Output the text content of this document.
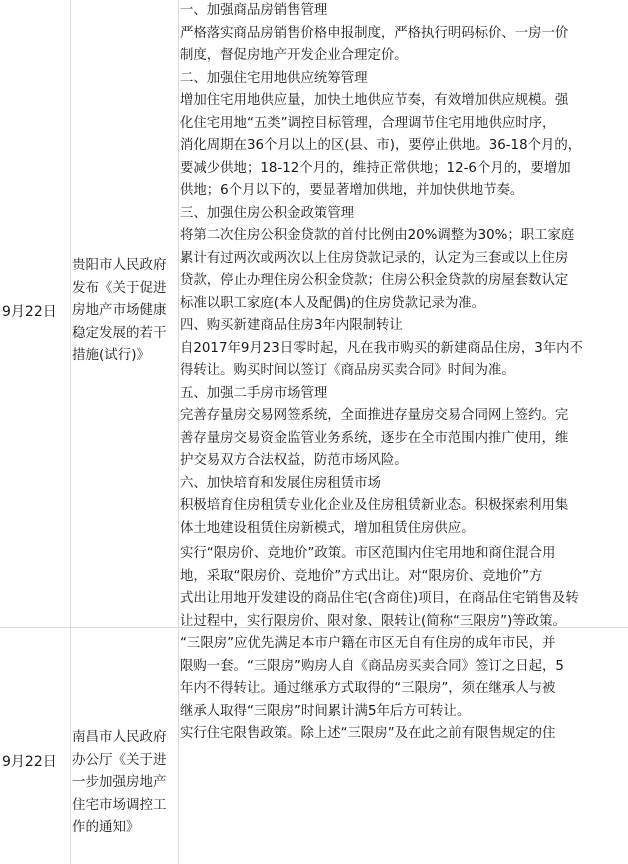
9月22日
贵阳市人民政府
发布《关于促进
房地产市场健康
稳定发展的若干
措施(试行)》
9月22日
南昌市人民政府
办公厅《关于进
一步加强房地产
住宅市场调控工
作的通知》
一、加强商品房销售管理
严格落实商品房销售价格申报制度，严格执行明码标价、一房一价
制度，督促房地产开发企业合理定价。
二、加强住宅用地供应统筹管理
增加住宅用地供应量，加快土地供应节奏，有效增加供应规模。强
化住宅用地“五类”调控目标管理，合理调节住宅用地供应时序，
消化周期在36个月以上的区(县、市)，要停止供地。36-18个月的，
要减少供地；18-12个月的，维持正常供地；12-6个月的，要增加
供地；6个月以下的，要显著增加供地，并加快供地节奏。
三、加强住房公积金政策管理
将第二次住房公积金贷款的首付比例由20%调整为30%；职工家庭
累计有过两次或两次以上住房贷款记录的，认定为三套或以上住房
贷款，停止办理住房公积金贷款；住房公积金贷款的房屋套数认定
标准以职工家庭(本人及配偶)的住房贷款记录为准。
四、购买新建商品住房3年内限制转让
自2017年9月23日零时起，凡在我市购买的新建商品住房，3年内不
得转让。购买时间以签订《商品房买卖合同》时间为准。
五、加强二手房市场管理
完善存量房交易网签系统，全面推进存量房交易合同网上签约。完
善存量房交易资金监管业务系统，逐步在全市范围内推广使用，维
护交易双方合法权益，防范市场风险。
六、加快培育和发展住房租赁市场
积极培育住房租赁专业化企业及住房租赁新业态。积极探索利用集
体土地建设租赁住房新模式，增加租赁住房供应。
实行“限房价、竞地价”政策。市区范围内住宅用地和商住混合用
地，采取“限房价、竞地价”方式出让。对“限房价、竞地价”方
式出让用地开发建设的商品住宅(含商住)项目，在商品住宅销售及转
让过程中，实行限房价、限对象、限转让(简称“三限房”)等政策。
“三限房”应优先满足本市户籍在市区无自有住房的成年市民，并
限购一套。“三限房”购房人自《商品房买卖合同》签订之日起，5
年内不得转让。通过继承方式取得的“三限房”，须在继承人与被
继承人取得“三限房”时间累计满5年后方可转让。
实行住宅限售政策。除上述“三限房”及在此之前有限售规定的住
